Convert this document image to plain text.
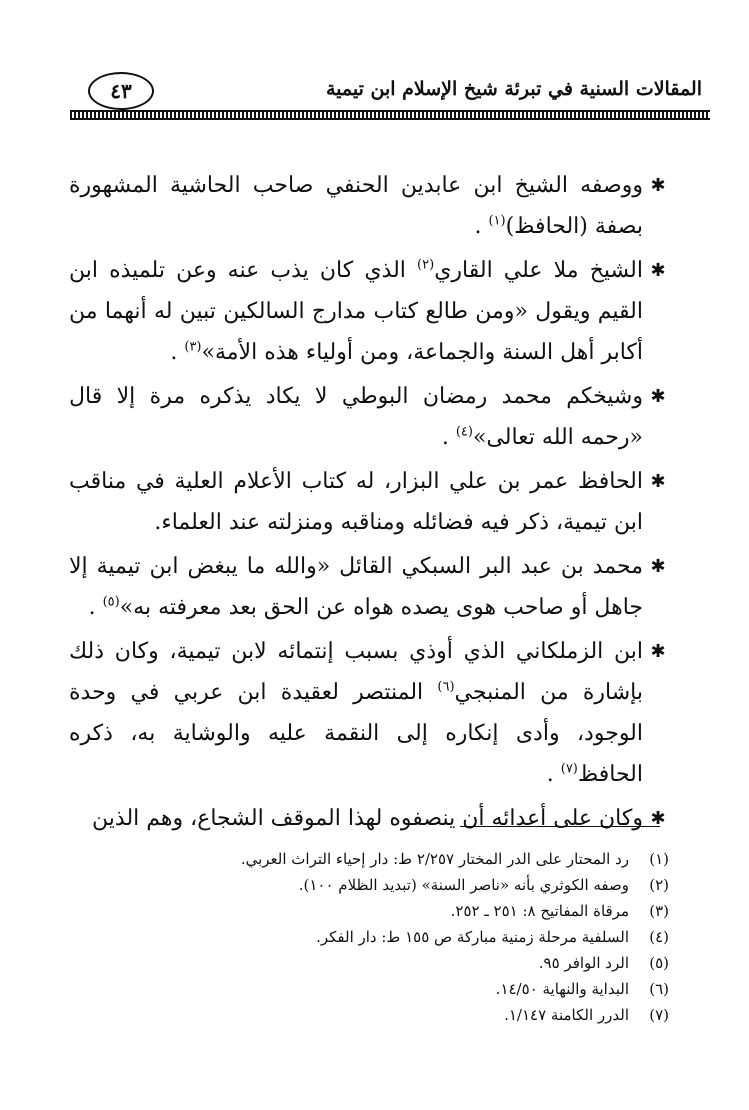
المقالات السنية في تبرئة شيخ الإسلام ابن تيمية
٤٣

✱
ووصفه الشيخ ابن عابدين الحنفي صاحب الحاشية المشهورة بصفة (الحافظ)$^{(١)}$ .

✱
الشيخ ملا علي القاري$^{(٢)}$ الذي كان يذب عنه وعن تلميذه ابن القيم ويقول «ومن طالع كتاب مدارج السالكين تبين له أنهما من أكابر أهل السنة والجماعة، ومن أولياء هذه الأمة»$^{(٣)}$ .

✱
وشيخكم محمد رمضان البوطي لا يكاد يذكره مرة إلا قال «رحمه الله تعالى»$^{(٤)}$ .

✱
الحافظ عمر بن علي البزار، له كتاب الأعلام العلية في مناقب ابن تيمية، ذكر فيه فضائله ومناقبه ومنزلته عند العلماء.

✱
محمد بن عبد البر السبكي القائل «والله ما يبغض ابن تيمية إلا جاهل أو صاحب هوى يصده هواه عن الحق بعد معرفته به»$^{(٥)}$ .

✱
ابن الزملكاني الذي أوذي بسبب إنتمائه لابن تيمية، وكان ذلك بإشارة من المنبجي$^{(٦)}$ المنتصر لعقيدة ابن عربي في وحدة الوجود، وأدى إنكاره إلى النقمة عليه والوشاية به، ذكره الحافظ$^{(٧)}$ .

✱
وكان على أعدائه أن ينصفوه لهذا الموقف الشجاع، وهم الذين

(١)رد المحتار على الدر المختار ٢/٢٥٧ ط: دار إحياء التراث العربي.
(٢)وصفه الكوثري بأنه «ناصر السنة» (تبديد الظلام ١٠٠).
(٣)مرقاة المفاتيح ٨: ٢٥١ ـ ٢٥٢.
(٤)السلفية مرحلة زمنية مباركة ص ١٥٥ ط: دار الفكر.
(٥)الرد الوافر ٩٥.
(٦)البداية والنهاية ١٤/٥٠.
(٧)الدرر الكامنة ١/١٤٧.
